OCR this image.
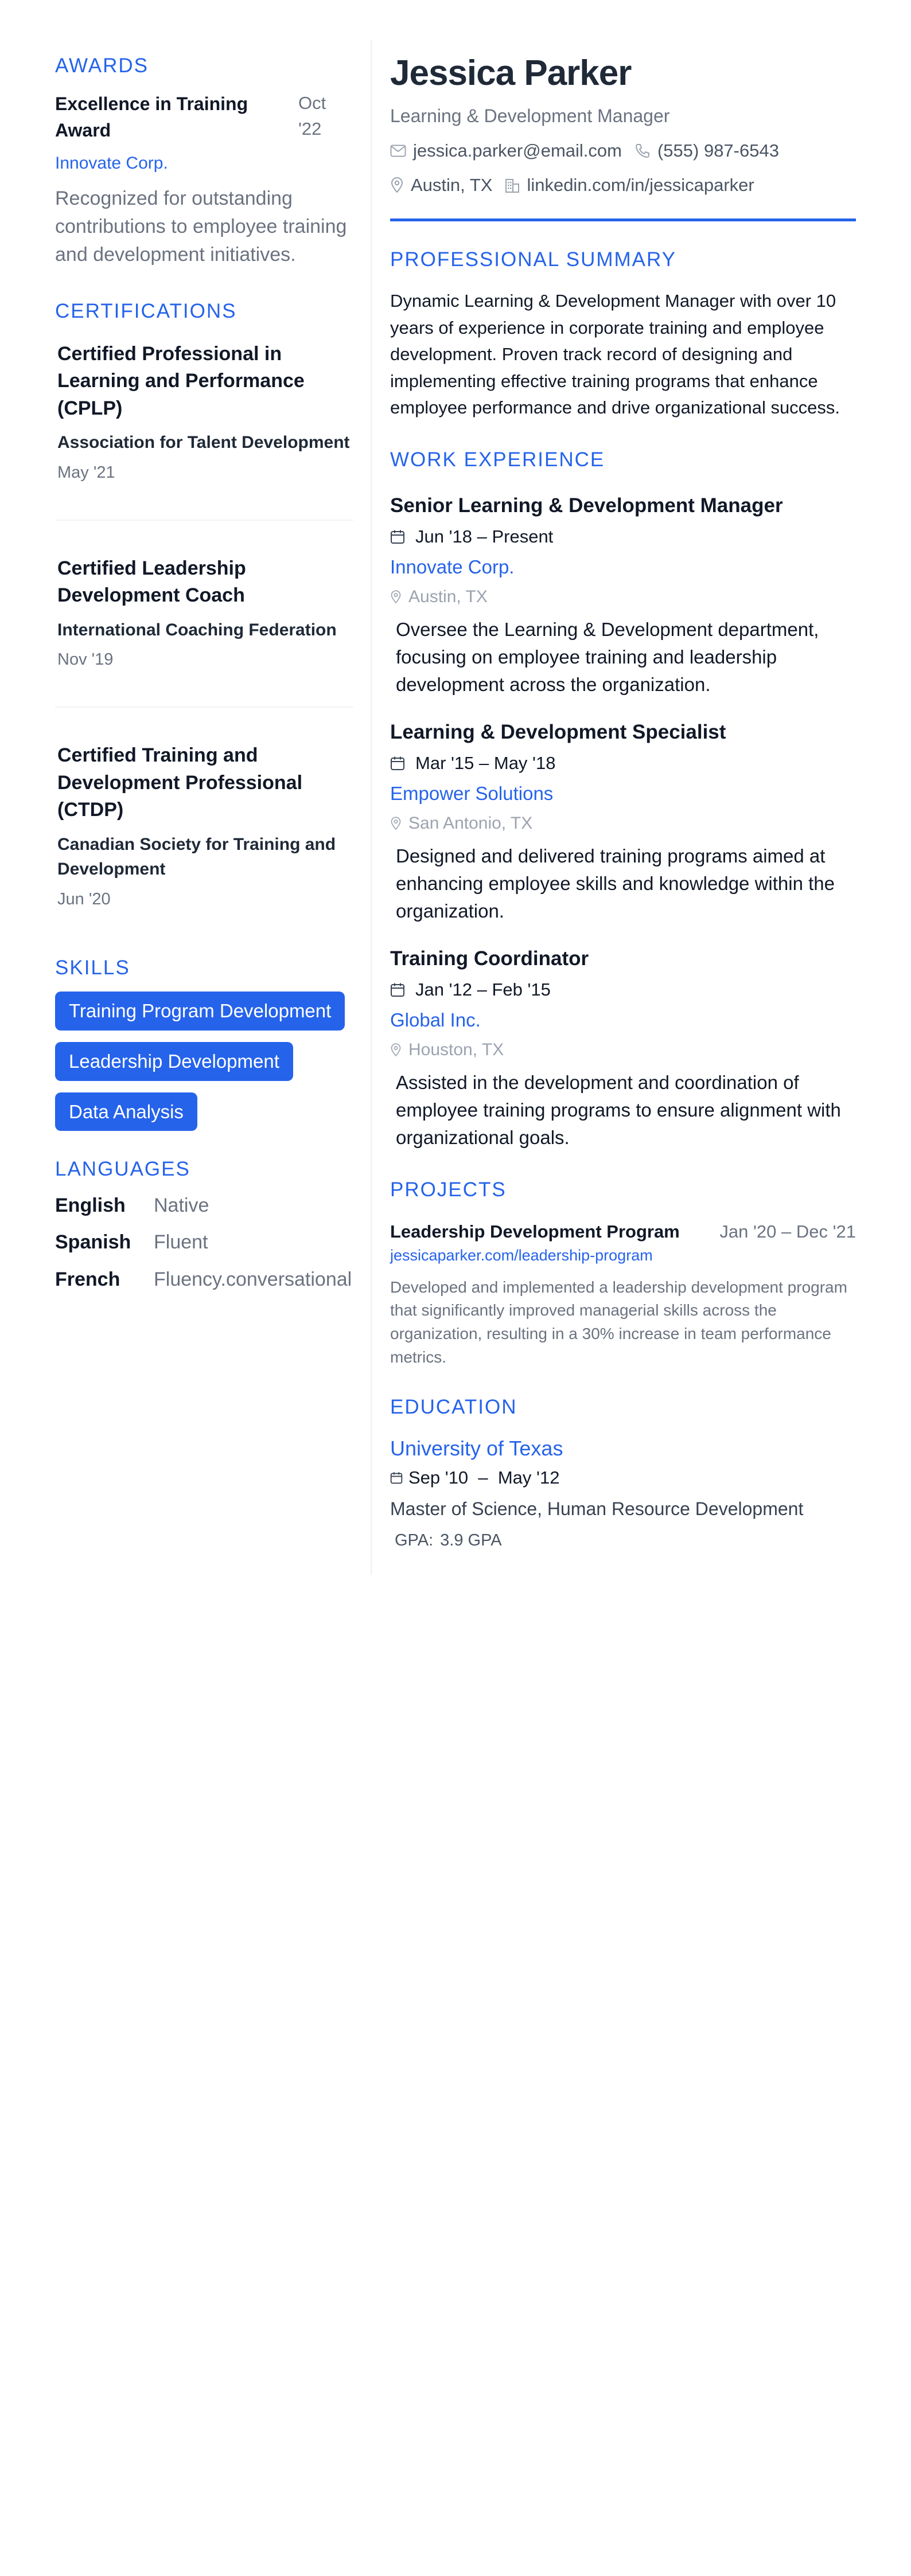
AWARDS
Excellence in Training Award
Oct '22
Innovate Corp.
Recognized for outstanding contributions to employee training and development initiatives.
CERTIFICATIONS
Certified Professional in Learning and Performance (CPLP)
Association for Talent Development
May '21
Certified Leadership Development Coach
International Coaching Federation
Nov '19
Certified Training and Development Professional (CTDP)
Canadian Society for Training and Development
Jun '20
SKILLS
Training Program Development
Leadership Development
Data Analysis
LANGUAGES
English	Native
Spanish	Fluent
French	Fluency.conversational
Jessica Parker
Learning & Development Manager
jessica.parker@email.com (555) 987-6543
Austin, TX linkedin.com/in/jessicaparker
PROFESSIONAL SUMMARY

Dynamic Learning & Development Manager with over 10 years of experience in corporate training and employee development. Proven track record of designing and implementing effective training programs that enhance employee performance and drive organizational success.

WORK EXPERIENCE
Senior Learning & Development Manager
Jun '18 – Present
Innovate Corp.
Austin, TX

Oversee the Learning & Development department, focusing on employee training and leadership development across the organization.

Learning & Development Specialist
Mar '15 – May '18
Empower Solutions
San Antonio, TX

Designed and delivered training programs aimed at enhancing employee skills and knowledge within the organization.

Training Coordinator
Jan '12 – Feb '15
Global Inc.
Houston, TX

Assisted in the development and coordination of employee training programs to ensure alignment with organizational goals.

PROJECTS
Leadership Development Program Jan '20 – Dec '21
jessicaparker.com/leadership-program

Developed and implemented a leadership development program that significantly improved managerial skills across the organization, resulting in a 30% increase in team performance metrics.

EDUCATION
University of Texas
Sep '10  –  May '12
Master of Science, Human Resource Development
GPA: 3.9 GPA
